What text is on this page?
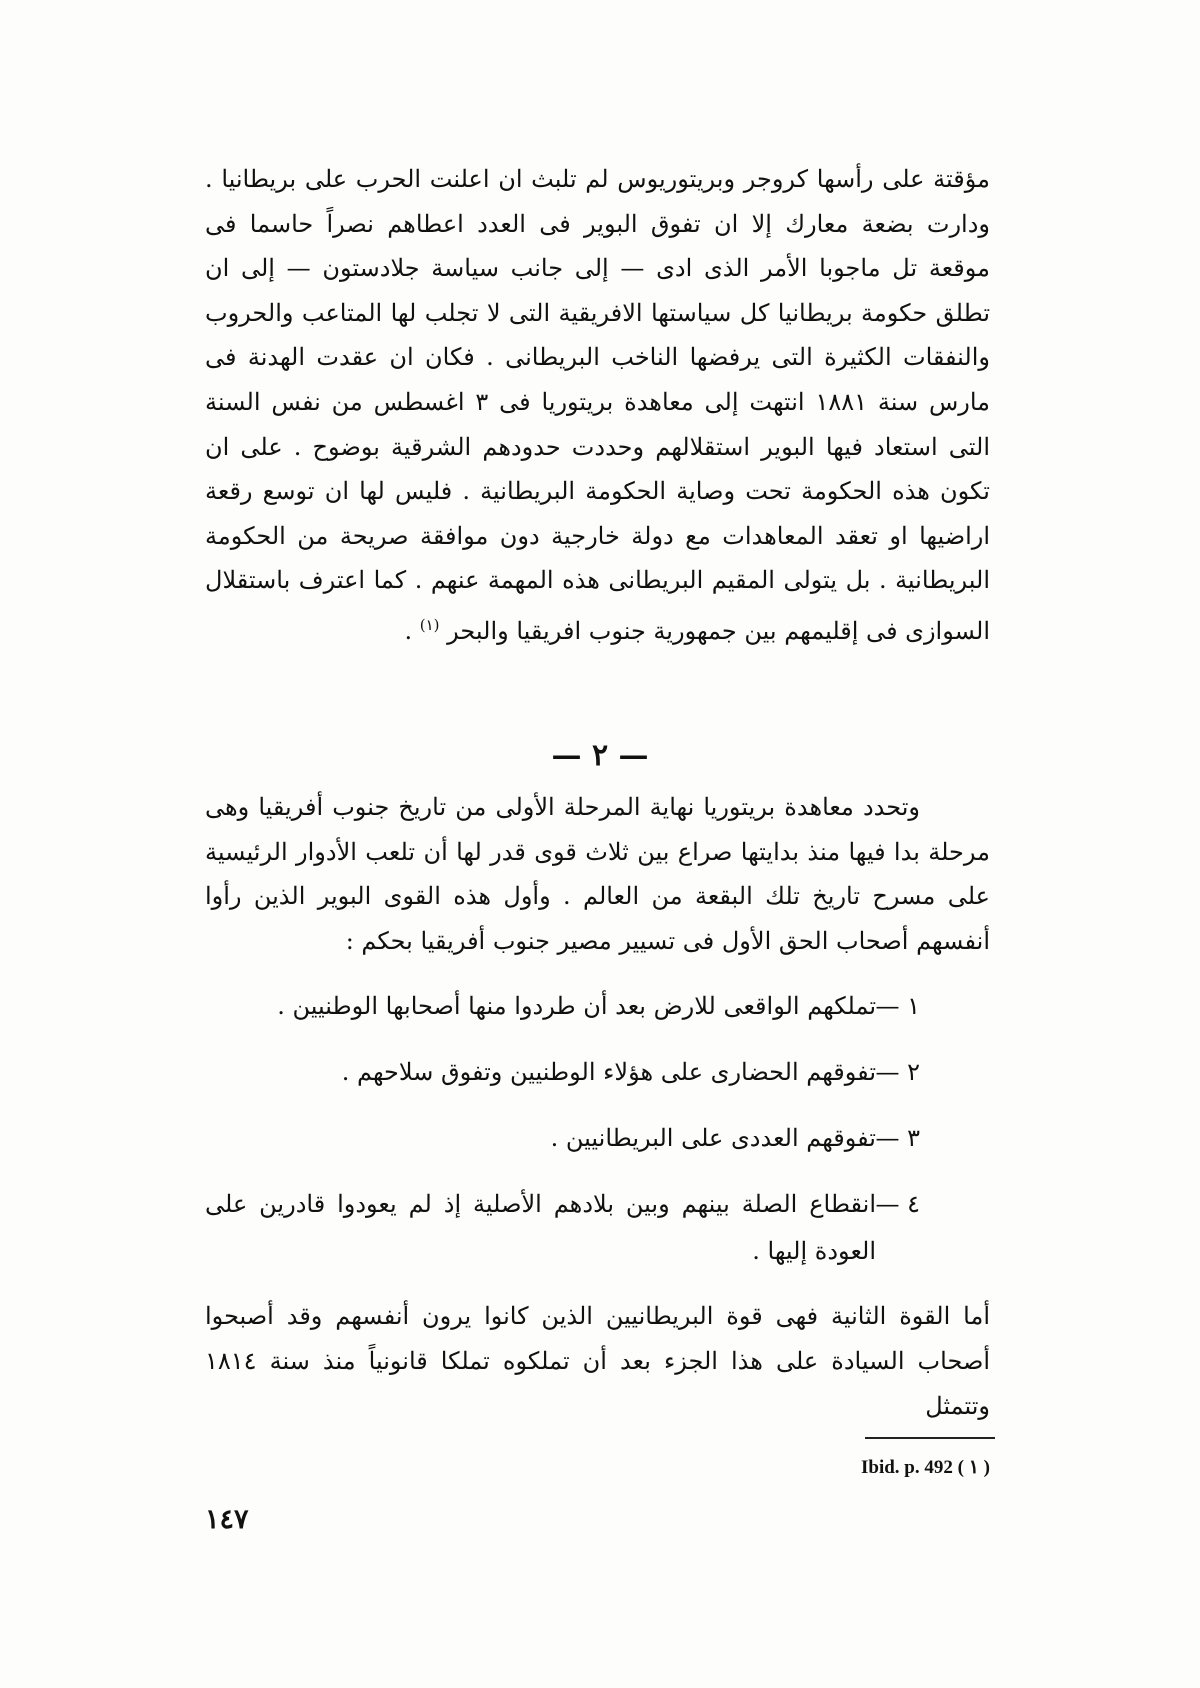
مؤقتة على رأسها كروجر وبريتوريوس لم تلبث ان اعلنت الحرب على بريطانيا . ودارت بضعة معارك إلا ان تفوق البوير فى العدد اعطاهم نصراً حاسما فى موقعة تل ماجوبا الأمر الذى ادى — إلى جانب سياسة جلادستون — إلى ان تطلق حكومة بريطانيا كل سياستها الافريقية التى لا تجلب لها المتاعب والحروب والنفقات الكثيرة التى يرفضها الناخب البريطانى . فكان ان عقدت الهدنة فى مارس سنة ١٨٨١ انتهت إلى معاهدة بريتوريا فى ٣ اغسطس من نفس السنة التى استعاد فيها البوير استقلالهم وحددت حدودهم الشرقية بوضوح . على ان تكون هذه الحكومة تحت وصاية الحكومة البريطانية . فليس لها ان توسع رقعة اراضيها او تعقد المعاهدات مع دولة خارجية دون موافقة صريحة من الحكومة البريطانية . بل يتولى المقيم البريطانى هذه المهمة عنهم . كما اعترف باستقلال السوازى فى إقليمهم بين جمهورية جنوب افريقيا والبحر $^{(١)}$ .

— ٢ —

وتحدد معاهدة بريتوريا نهاية المرحلة الأولى من تاريخ جنوب أفريقيا وهى مرحلة بدا فيها منذ بدايتها صراع بين ثلاث قوى قدر لها أن تلعب الأدوار الرئيسية على مسرح تاريخ تلك البقعة من العالم . وأول هذه القوى البوير الذين رأوا أنفسهم أصحاب الحق الأول فى تسيير مصير جنوب أفريقيا بحكم :

١ —
تملكهم الواقعى للارض بعد أن طردوا منها أصحابها الوطنيين .
٢ —
تفوقهم الحضارى على هؤلاء الوطنيين وتفوق سلاحهم .
٣ —
تفوقهم العددى على البريطانيين .
٤ —
انقطاع الصلة بينهم وبين بلادهم الأصلية إذ لم يعودوا قادرين على العودة إليها .

أما القوة الثانية فهى قوة البريطانيين الذين كانوا يرون أنفسهم وقد أصبحوا أصحاب السيادة على هذا الجزء بعد أن تملكوه تملكا قانونياً منذ سنة ١٨١٤ وتتمثل

Ibid. p. 492 ( ١ )
١٤٧
